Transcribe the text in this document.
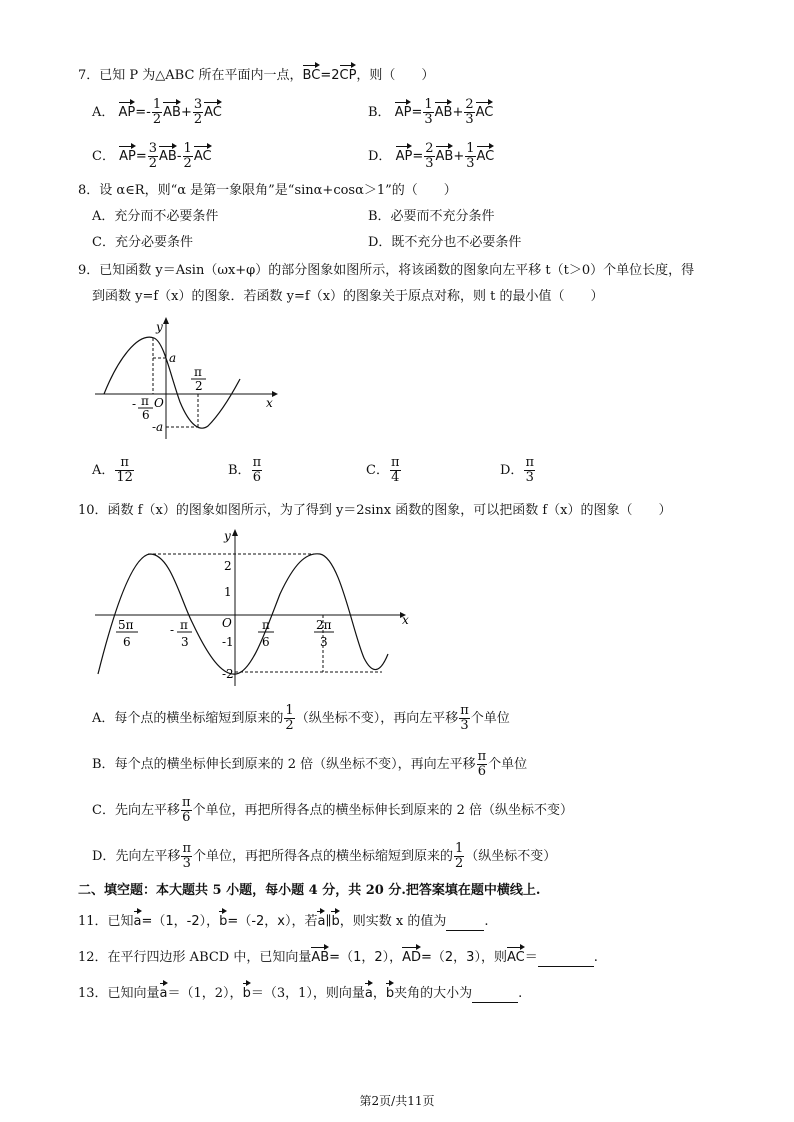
7．已知 P 为△ABC 所在平面内一点，BC=2CP，则（　　）
A． $AP=- \frac{1}{2} AB+ \frac{3}{2}$ AC	B． $AP= \frac{1}{3} AB+ \frac{2}{3}$ AC
C． $AP= \frac{3}{2} AB- \frac{1}{2}$ AC	D． $AP= \frac{2}{3} AB+ \frac{1}{3}$ AC
8．设 α∈R，则“α 是第一象限角”是“sinα+cosα＞1”的（　　）
A．充分而不必要条件	B．必要而不充分条件
C．充分必要条件	D．既不充分也不必要条件
9．已知函数 y＝Asin（ωx+φ）的部分图象如图所示，将该函数的图象向左平移 t（t＞0）个单位长度，得
到函数 y=f（x）的图象．若函数 y=f（x）的图象关于原点对称，则 t 的最小值（　　）
y
x
a
-a
O
π
2
- π
6
A． $\frac{\pi}{12}$	B． $\frac{\pi}{6}$	C． $\frac{\pi}{4}$	D． $\frac{\pi}{3}$
10．函数 f（x）的图象如图所示，为了得到 y＝2sinx 函数的图象，可以把函数 f（x）的图象（　　）
y
x
2
1
-1
-2
O
5π
6
- π
3
π
6
2π
3
A．每个点的横坐标缩短到原来的 $\frac{1}{2}$ （纵坐标不变），再向左平移 $\frac{\pi}{3}$ 个单位
B．每个点的横坐标伸长到原来的 2 倍（纵坐标不变），再向左平移 $\frac{\pi}{6}$ 个单位
C．先向左平移 $\frac{\pi}{6}$ 个单位，再把所得各点的横坐标伸长到原来的 2 倍（纵坐标不变）
D．先向左平移 $\frac{\pi}{3}$ 个单位，再把所得各点的横坐标缩短到原来的 $\frac{1}{2}$ （纵坐标不变）
二、填空题：本大题共 5 小题，每小题 4 分，共 20 分.把答案填在题中横线上.
11．已知a=（1，-2），b=（-2，x），若a∥b，则实数 x 的值为	.
12．在平行四边形 ABCD 中，已知向量AB=（1，2），AD=（2，3），则AC＝	.
13．已知向量a＝（1，2），b＝（3，1），则向量a，b夹角的大小为	.
第2页/共11页
